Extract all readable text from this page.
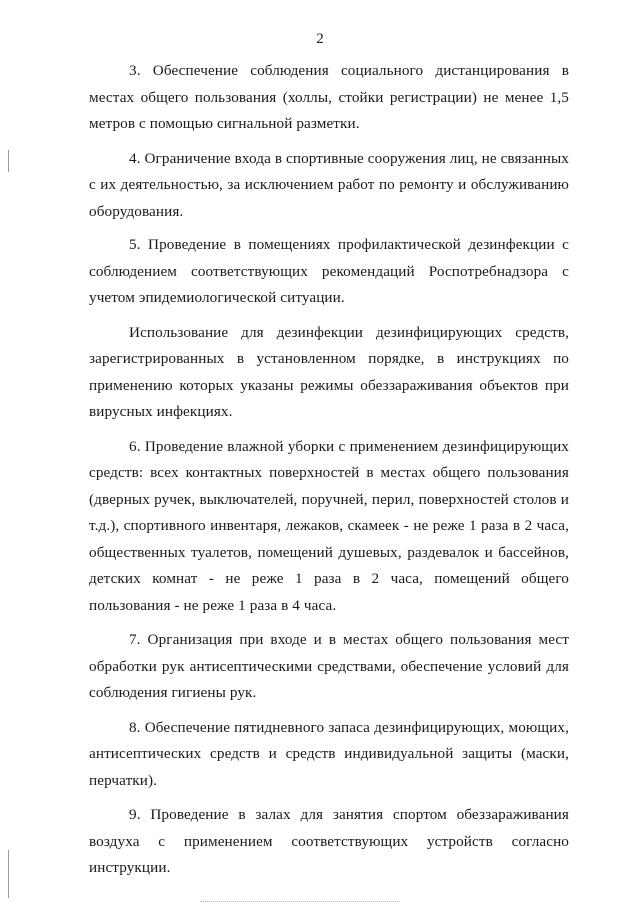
2

3. Обеспечение соблюдения социального дистанцирования в местах общего пользования (холлы, стойки регистрации) не менее 1,5 метров с помощью сигнальной разметки.

4. Ограничение входа в спортивные сооружения лиц, не связанных с их деятельностью, за исключением работ по ремонту и обслуживанию оборудования.

5. Проведение в помещениях профилактической дезинфекции с соблюдением соответствующих рекомендаций Роспотребнадзора с учетом эпидемиологической ситуации.

Использование для дезинфекции дезинфицирующих средств, зарегистрированных в установленном порядке, в инструкциях по применению которых указаны режимы обеззараживания объектов при вирусных инфекциях.

6. Проведение влажной уборки с применением дезинфицирующих средств: всех контактных поверхностей в местах общего пользования (дверных ручек, выключателей, поручней, перил, поверхностей столов и т.д.), спортивного инвентаря, лежаков, скамеек - не реже 1 раза в 2 часа, общественных туалетов, помещений душевых, раздевалок и бассейнов, детских комнат - не реже 1 раза в 2 часа, помещений общего пользования - не реже 1 раза в 4 часа.

7. Организация при входе и в местах общего пользования мест обработки рук антисептическими средствами, обеспечение условий для соблюдения гигиены рук.

8. Обеспечение пятидневного запаса дезинфицирующих, моющих, антисептических средств и средств индивидуальной защиты (маски, перчатки).

9. Проведение в залах для занятия спортом обеззараживания воздуха с применением соответствующих устройств согласно инструкции.
